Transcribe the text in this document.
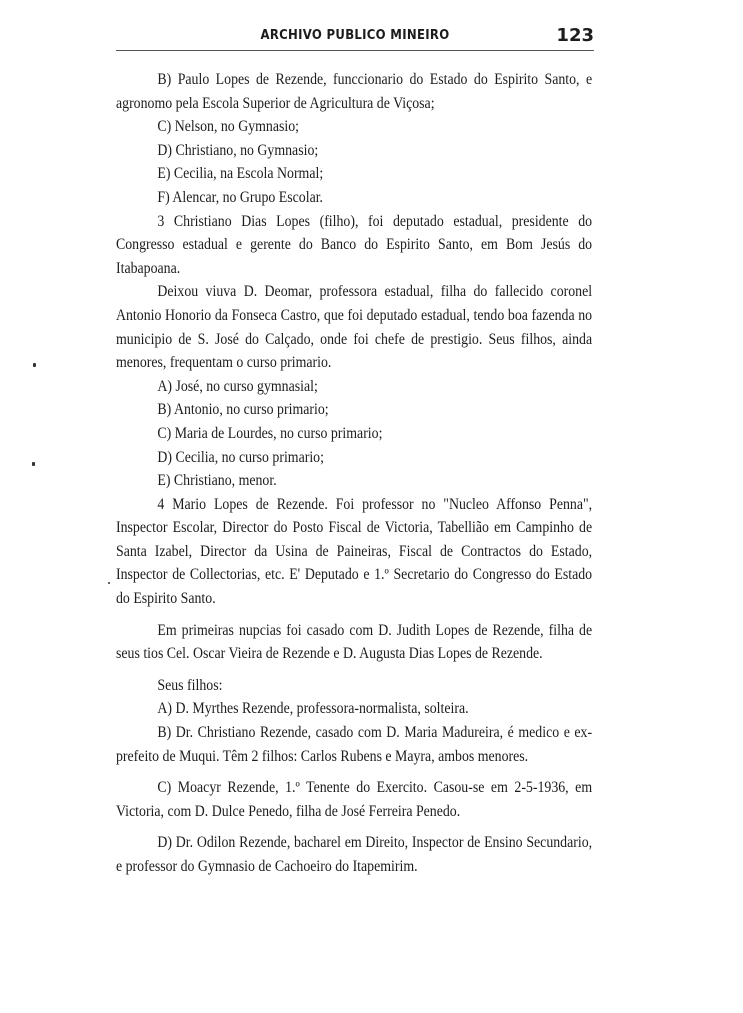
ARCHIVO PUBLICO MINEIRO	123

B) Paulo Lopes de Rezende, funccionario do Estado do Espirito Santo, e agronomo pela Escola Superior de Agricultura de Viçosa;

C) Nelson, no Gymnasio;

D) Christiano, no Gymnasio;

E) Cecilia, na Escola Normal;

F) Alencar, no Grupo Escolar.

3 Christiano Dias Lopes (filho), foi deputado estadual, presidente do Congresso estadual e gerente do Banco do Espirito Santo, em Bom Jesús do Itabapoana.

Deixou viuva D. Deomar, professora estadual, filha do fallecido coronel Antonio Honorio da Fonseca Castro, que foi deputado estadual, tendo boa fazenda no municipio de S. José do Calçado, onde foi chefe de prestigio. Seus filhos, ainda menores, frequentam o curso primario.

A) José, no curso gymnasial;

B) Antonio, no curso primario;

C) Maria de Lourdes, no curso primario;

D) Cecilia, no curso primario;

E) Christiano, menor.

4 Mario Lopes de Rezende. Foi professor no "Nucleo Affonso Penna", Inspector Escolar, Director do Posto Fiscal de Victoria, Tabellião em Campinho de Santa Izabel, Director da Usina de Paineiras, Fiscal de Contractos do Estado, Inspector de Collectorias, etc. E' Deputado e 1.º Secretario do Congresso do Estado do Espirito Santo.

Em primeiras nupcias foi casado com D. Judith Lopes de Rezende, filha de seus tios Cel. Oscar Vieira de Rezende e D. Augusta Dias Lopes de Rezende.

Seus filhos:

A) D. Myrthes Rezende, professora-normalista, solteira.

B) Dr. Christiano Rezende, casado com D. Maria Madureira, é medico e ex-prefeito de Muqui. Têm 2 filhos: Carlos Rubens e Mayra, ambos menores.

C) Moacyr Rezende, 1.º Tenente do Exercito. Casou-se em 2-5-1936, em Victoria, com D. Dulce Penedo, filha de José Ferreira Penedo.

D) Dr. Odilon Rezende, bacharel em Direito, Inspector de Ensino Secundario, e professor do Gymnasio de Cachoeiro do Itapemirim.
